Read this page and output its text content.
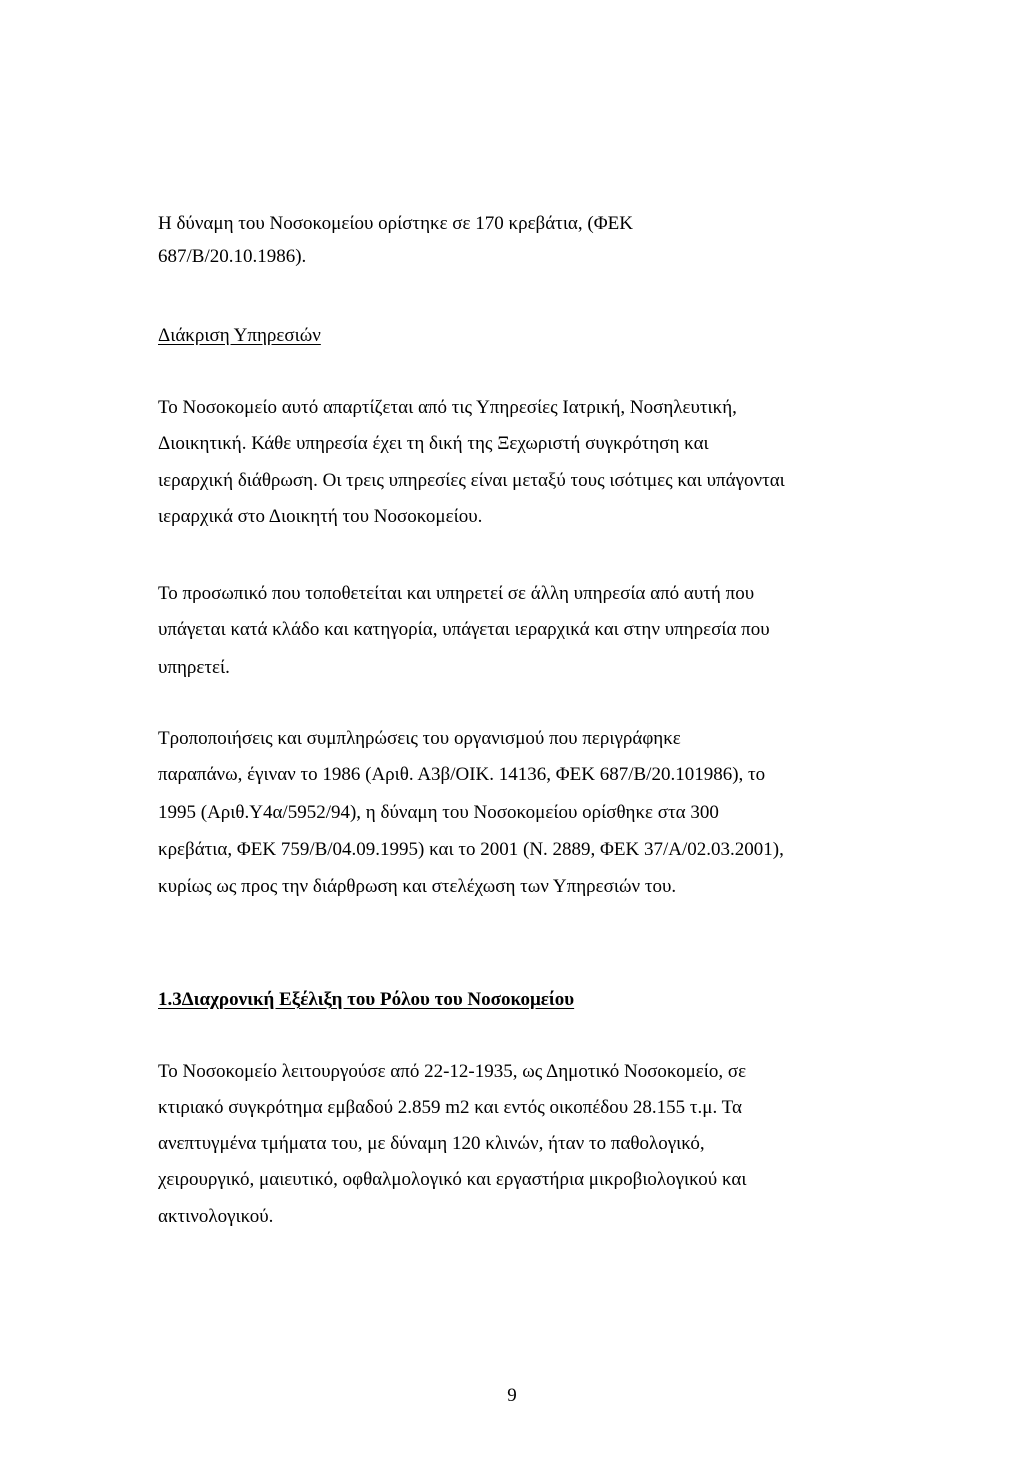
Η δύναμη του Νοσοκομείου ορίστηκε σε 170 κρεβάτια, (ΦΕΚ
687/Β/20.10.1986).
Διάκριση Υπηρεσιών
Το Νοσοκομείο αυτό απαρτίζεται από τις Υπηρεσίες Ιατρική, Νοσηλευτική,
Διοικητική. Κάθε υπηρεσία έχει τη δική της Ξεχωριστή συγκρότηση και
ιεραρχική διάθρωση. Οι τρεις υπηρεσίες είναι μεταξύ τους ισότιμες και υπάγονται
ιεραρχικά στο Διοικητή του Νοσοκομείου.
Το προσωπικό που τοποθετείται και υπηρετεί σε άλλη υπηρεσία από αυτή που
υπάγεται κατά κλάδο και κατηγορία, υπάγεται ιεραρχικά και στην υπηρεσία που
υπηρετεί.
Τροποποιήσεις και συμπληρώσεις του οργανισμού που περιγράφηκε
παραπάνω, έγιναν το 1986 (Αριθ. Α3β/ΟΙΚ. 14136, ΦΕΚ 687/Β/20.101986), το
1995 (Αριθ.Υ4α/5952/94), η δύναμη του Νοσοκομείου ορίσθηκε στα 300
κρεβάτια, ΦΕΚ 759/Β/04.09.1995) και το 2001 (Ν. 2889, ΦΕΚ 37/Α/02.03.2001),
κυρίως ως προς την διάρθρωση και στελέχωση των Υπηρεσιών του.
1.3Διαχρονική Εξέλιξη του Ρόλου του Νοσοκομείου
Το Νοσοκομείο λειτουργούσε από 22-12-1935, ως Δημοτικό Νοσοκομείο, σε
κτιριακό συγκρότημα εμβαδού 2.859 m2 και εντός οικοπέδου 28.155 τ.μ. Τα
ανεπτυγμένα τμήματα του, με δύναμη 120 κλινών, ήταν το παθολογικό,
χειρουργικό, μαιευτικό, οφθαλμολογικό και εργαστήρια μικροβιολογικού και
ακτινολογικού.
9
